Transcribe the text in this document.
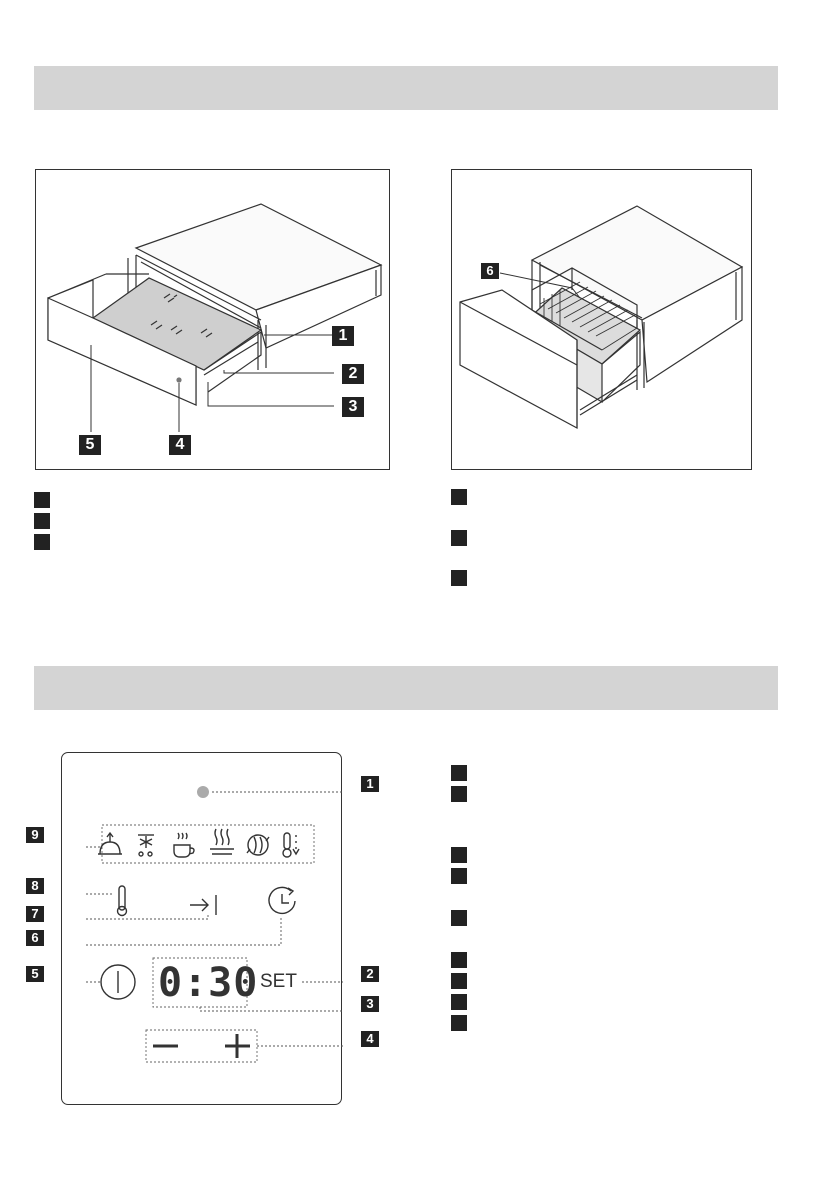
1
2
3
4
5
6
0:30 SET
1
2
3
4
5
6
7
8
9
